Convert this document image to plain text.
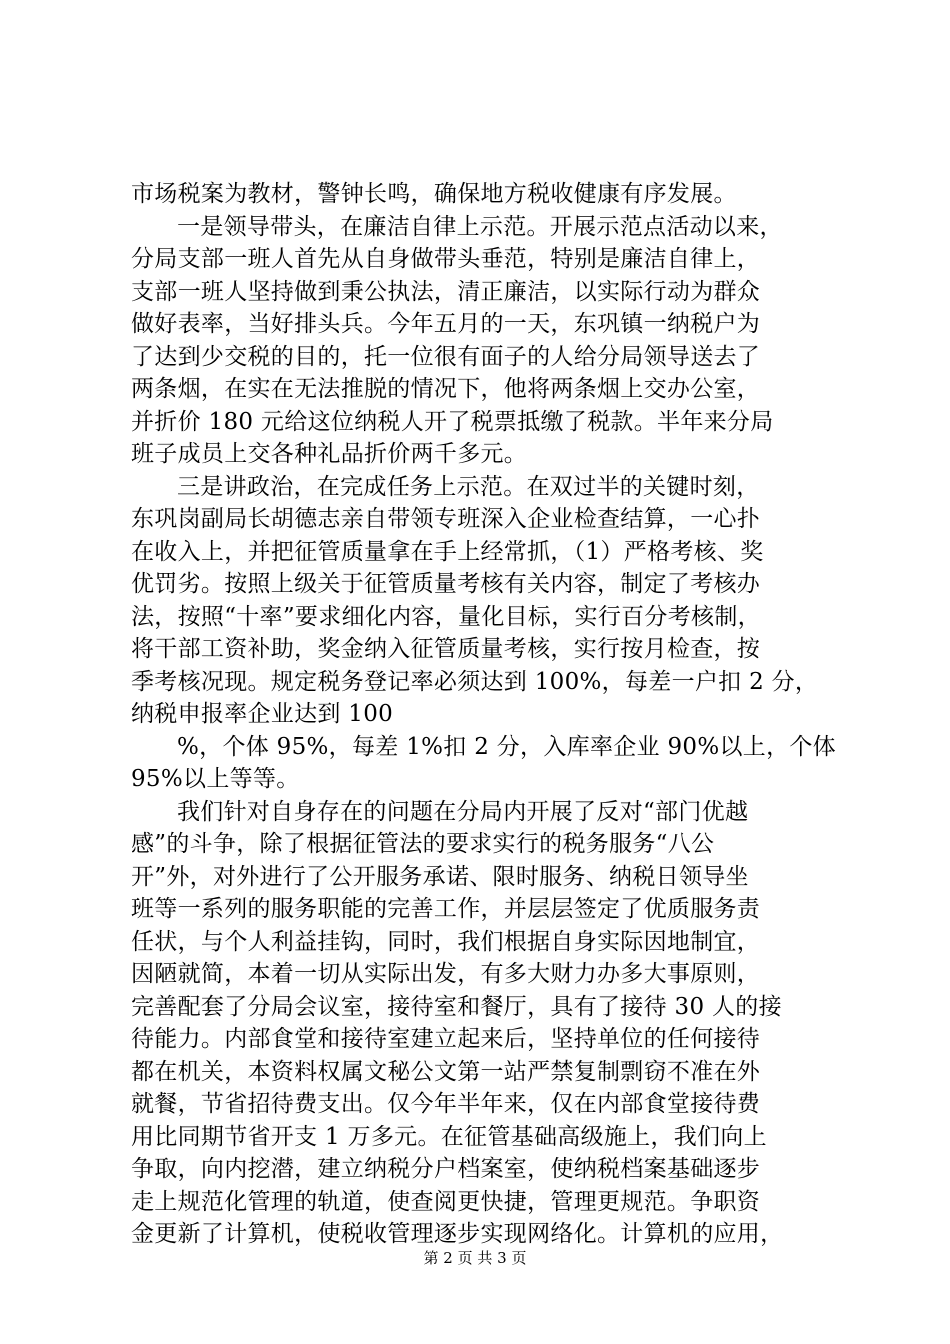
市场税案为教材，警钟长鸣，确保地方税收健康有序发展。
一是领导带头，在廉洁自律上示范。开展示范点活动以来，
分局支部一班人首先从自身做带头垂范，特别是廉洁自律上，
支部一班人坚持做到秉公执法，清正廉洁，以实际行动为群众
做好表率，当好排头兵。今年五月的一天，东巩镇一纳税户为
了达到少交税的目的，托一位很有面子的人给分局领导送去了
两条烟，在实在无法推脱的情况下，他将两条烟上交办公室，
并折价 180 元给这位纳税人开了税票抵缴了税款。半年来分局
班子成员上交各种礼品折价两千多元。
三是讲政治，在完成任务上示范。在双过半的关键时刻，
东巩岗副局长胡德志亲自带领专班深入企业检查结算，一心扑
在收入上，并把征管质量拿在手上经常抓，（1）严格考核、奖
优罚劣。按照上级关于征管质量考核有关内容，制定了考核办
法，按照“十率”要求细化内容，量化目标，实行百分考核制，
将干部工资补助，奖金纳入征管质量考核，实行按月检查，按
季考核况现。规定税务登记率必须达到 100%，每差一户扣 2 分，
纳税申报率企业达到 100
%，个体 95%，每差 1%扣 2 分，入库率企业 90%以上，个体
95%以上等等。
我们针对自身存在的问题在分局内开展了反对“部门优越
感”的斗争，除了根据征管法的要求实行的税务服务“八公
开”外，对外进行了公开服务承诺、限时服务、纳税日领导坐
班等一系列的服务职能的完善工作，并层层签定了优质服务责
任状，与个人利益挂钩，同时，我们根据自身实际因地制宜，
因陋就简，本着一切从实际出发，有多大财力办多大事原则，
完善配套了分局会议室，接待室和餐厅，具有了接待 30 人的接
待能力。内部食堂和接待室建立起来后，坚持单位的任何接待
都在机关，本资料权属文秘公文第一站严禁复制剽窃不准在外
就餐，节省招待费支出。仅今年半年来，仅在内部食堂接待费
用比同期节省开支 1 万多元。在征管基础高级施上，我们向上
争取，向内挖潜，建立纳税分户档案室，使纳税档案基础逐步
走上规范化管理的轨道，使查阅更快捷，管理更规范。争职资
金更新了计算机，使税收管理逐步实现网络化。计算机的应用，
第 2 页 共 3 页
